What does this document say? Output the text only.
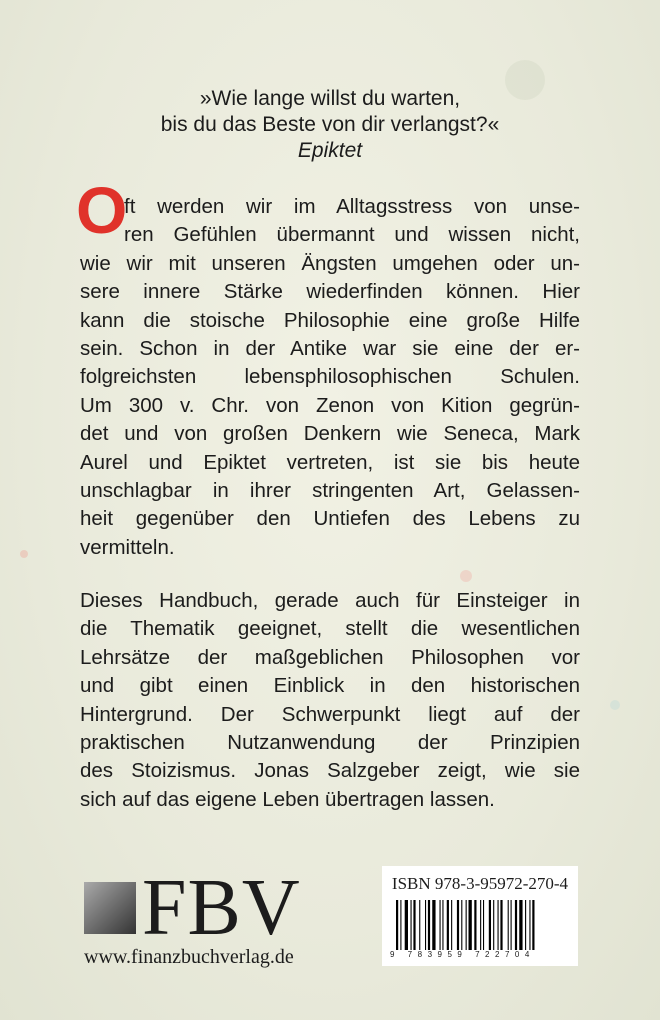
»Wie lange willst du warten,
bis du das Beste von dir verlangst?«
Epiktet
O
ft werden wir im Alltagsstress von unse-
ren Gefühlen übermannt und wissen nicht,
wie wir mit unseren Ängsten umgehen oder un-
sere innere Stärke wiederfinden können. Hier
kann die stoische Philosophie eine große Hilfe
sein. Schon in der Antike war sie eine der er-
folgreichsten lebensphilosophischen Schulen.
Um 300 v. Chr. von Zenon von Kition gegrün-
det und von großen Denkern wie Seneca, Mark
Aurel und Epiktet vertreten, ist sie bis heute
unschlagbar in ihrer stringenten Art, Gelassen-
heit gegenüber den Untiefen des Lebens zu
vermitteln.
Dieses Handbuch, gerade auch für Einsteiger in
die Thematik geeignet, stellt die wesentlichen
Lehrsätze der maßgeblichen Philosophen vor
und gibt einen Einblick in den historischen
Hintergrund. Der Schwerpunkt liegt auf der
praktischen Nutzanwendung der Prinzipien
des Stoizismus. Jonas Salzgeber zeigt, wie sie
sich auf das eigene Leben übertragen lassen.
FBV
www.finanzbuchverlag.de
ISBN 978-3-95972-270-4
9 783959 722704
